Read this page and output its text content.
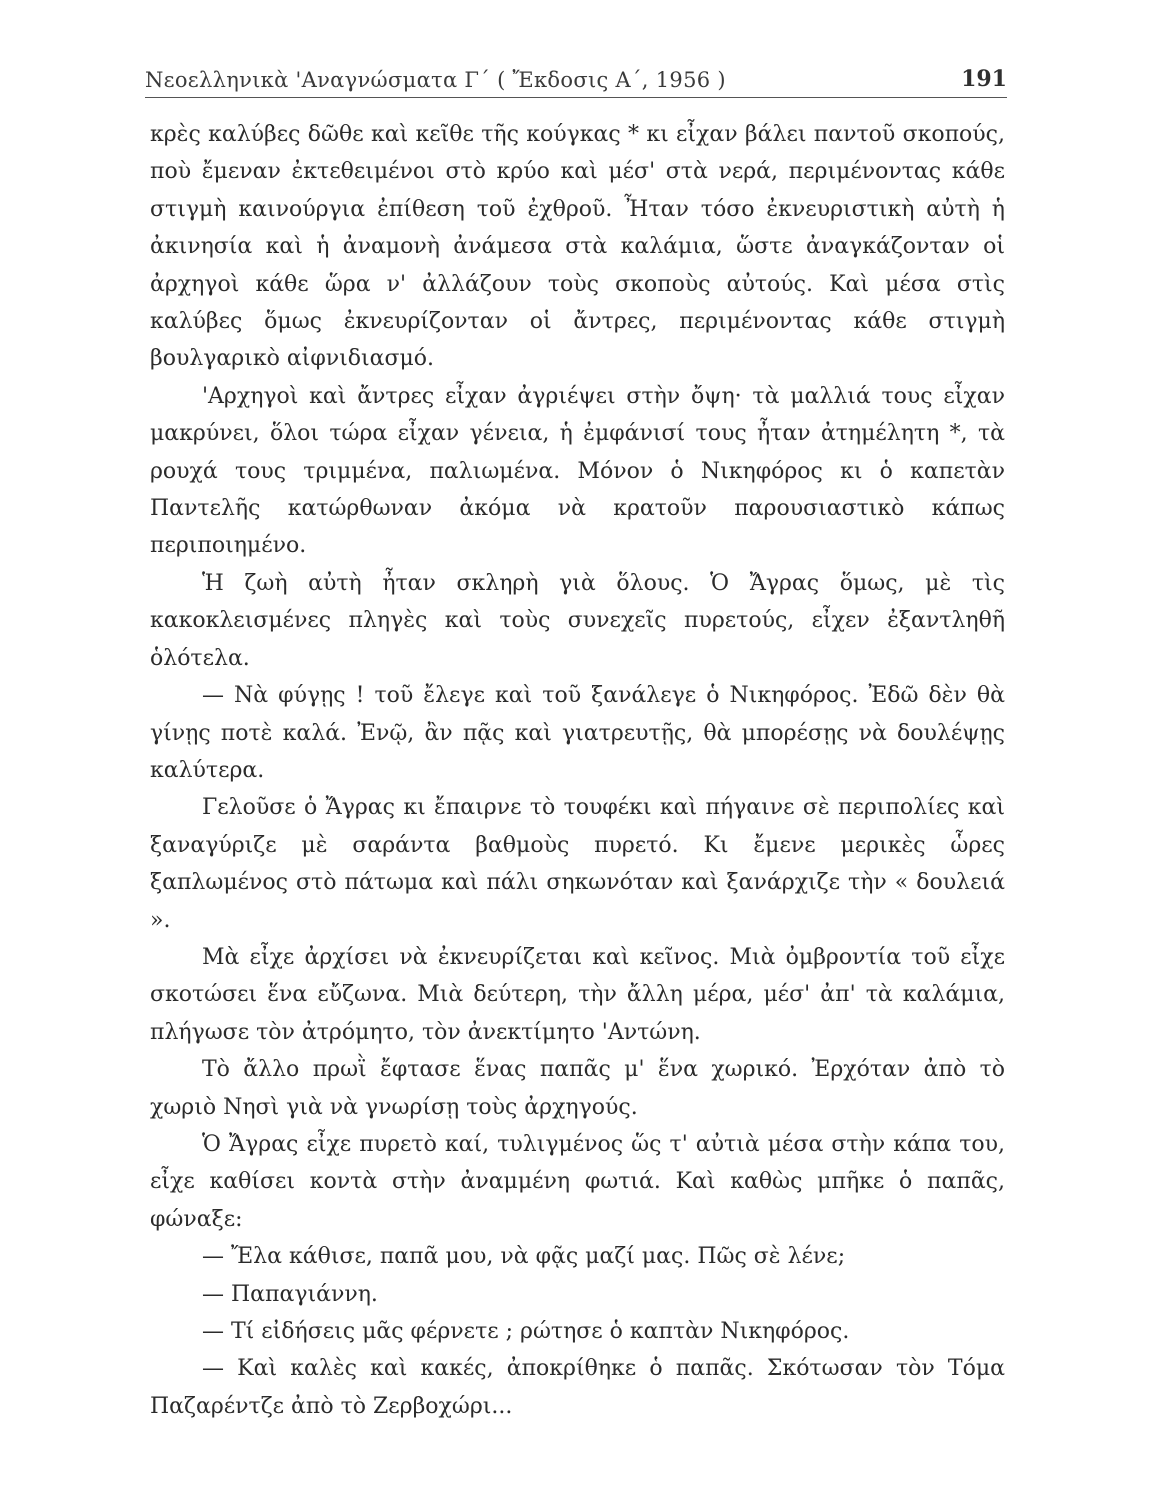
Νεοελληνικὰ 'Αναγνώσματα Γ΄ ( Ἔκδοσις Α΄, 1956 )	191

κρὲς καλύβες δῶθε καὶ κεῖθε τῆς κούγκας * κι εἶχαν βάλει παντοῦ σκοπούς, ποὺ ἔμεναν ἐκτεθειμένοι στὸ κρύο καὶ μέσ' στὰ νερά, περιμένοντας κάθε στιγμὴ καινούργια ἐπίθεση τοῦ ἐχθροῦ. Ἦταν τόσο ἐκνευριστικὴ αὐτὴ ἡ ἀκινησία καὶ ἡ ἀναμονὴ ἀνάμεσα στὰ καλάμια, ὥστε ἀναγκάζονταν οἱ ἀρχηγοὶ κάθε ὥρα ν' ἀλλάζουν τοὺς σκοποὺς αὐτούς. Καὶ μέσα στὶς καλύβες ὅμως ἐκνευρίζονταν οἱ ἄντρες, περιμένοντας κάθε στιγμὴ βουλγαρικὸ αἰφνιδιασμό.

'Αρχηγοὶ καὶ ἄντρες εἶχαν ἀγριέψει στὴν ὄψη· τὰ μαλλιά τους εἶχαν μακρύνει, ὅλοι τώρα εἶχαν γένεια, ἡ ἐμφάνισί τους ἦταν ἀτημέλητη *, τὰ ρουχά τους τριμμένα, παλιωμένα. Μόνον ὁ Νικηφόρος κι ὁ καπετὰν Παντελῆς κατώρθωναν ἀκόμα νὰ κρατοῦν παρουσιαστικὸ κάπως περιποιημένο.

Ἡ ζωὴ αὐτὴ ἦταν σκληρὴ γιὰ ὅλους. Ὁ Ἄγρας ὅμως, μὲ τὶς κακοκλεισμένες πληγὲς καὶ τοὺς συνεχεῖς πυρετούς, εἶχεν ἐξαντληθῆ ὁλότελα.

— Νὰ φύγῃς ! τοῦ ἔλεγε καὶ τοῦ ξανάλεγε ὁ Νικηφόρος. Ἐδῶ δὲν θὰ γίνῃς ποτὲ καλά. Ἐνῷ, ἂν πᾷς καὶ γιατρευτῇς, θὰ μπορέσῃς νὰ δουλέψῃς καλύτερα.

Γελοῦσε ὁ Ἄγρας κι ἔπαιρνε τὸ τουφέκι καὶ πήγαινε σὲ περιπολίες καὶ ξαναγύριζε μὲ σαράντα βαθμοὺς πυρετό. Κι ἔμενε μερικὲς ὧρες ξαπλωμένος στὸ πάτωμα καὶ πάλι σηκωνόταν καὶ ξανάρχιζε τὴν « δουλειά ».

Μὰ εἶχε ἀρχίσει νὰ ἐκνευρίζεται καὶ κεῖνος. Μιὰ ὀμβροντία τοῦ εἶχε σκοτώσει ἕνα εὔζωνα. Μιὰ δεύτερη, τὴν ἄλλη μέρα, μέσ' ἀπ' τὰ καλάμια, πλήγωσε τὸν ἀτρόμητο, τὸν ἀνεκτίμητο 'Αντώνη.

Τὸ ἄλλο πρωῒ ἔφτασε ἕνας παπᾶς μ' ἕνα χωρικό. Ἐρχόταν ἀπὸ τὸ χωριὸ Νησὶ γιὰ νὰ γνωρίσῃ τοὺς ἀρχηγούς.

Ὁ Ἄγρας εἶχε πυρετὸ καί, τυλιγμένος ὥς τ' αὐτιὰ μέσα στὴν κάπα του, εἶχε καθίσει κοντὰ στὴν ἀναμμένη φωτιά. Καὶ καθὼς μπῆκε ὁ παπᾶς, φώναξε:

— Ἔλα κάθισε, παπᾶ μου, νὰ φᾷς μαζί μας. Πῶς σὲ λένε;

— Παπαγιάννη.

— Τί εἰδήσεις μᾶς φέρνετε ; ρώτησε ὁ καπτὰν Νικηφόρος.

— Καὶ καλὲς καὶ κακές, ἀποκρίθηκε ὁ παπᾶς. Σκότωσαν τὸν Τόμα Παζαρέντζε ἀπὸ τὸ Ζερβοχώρι...
